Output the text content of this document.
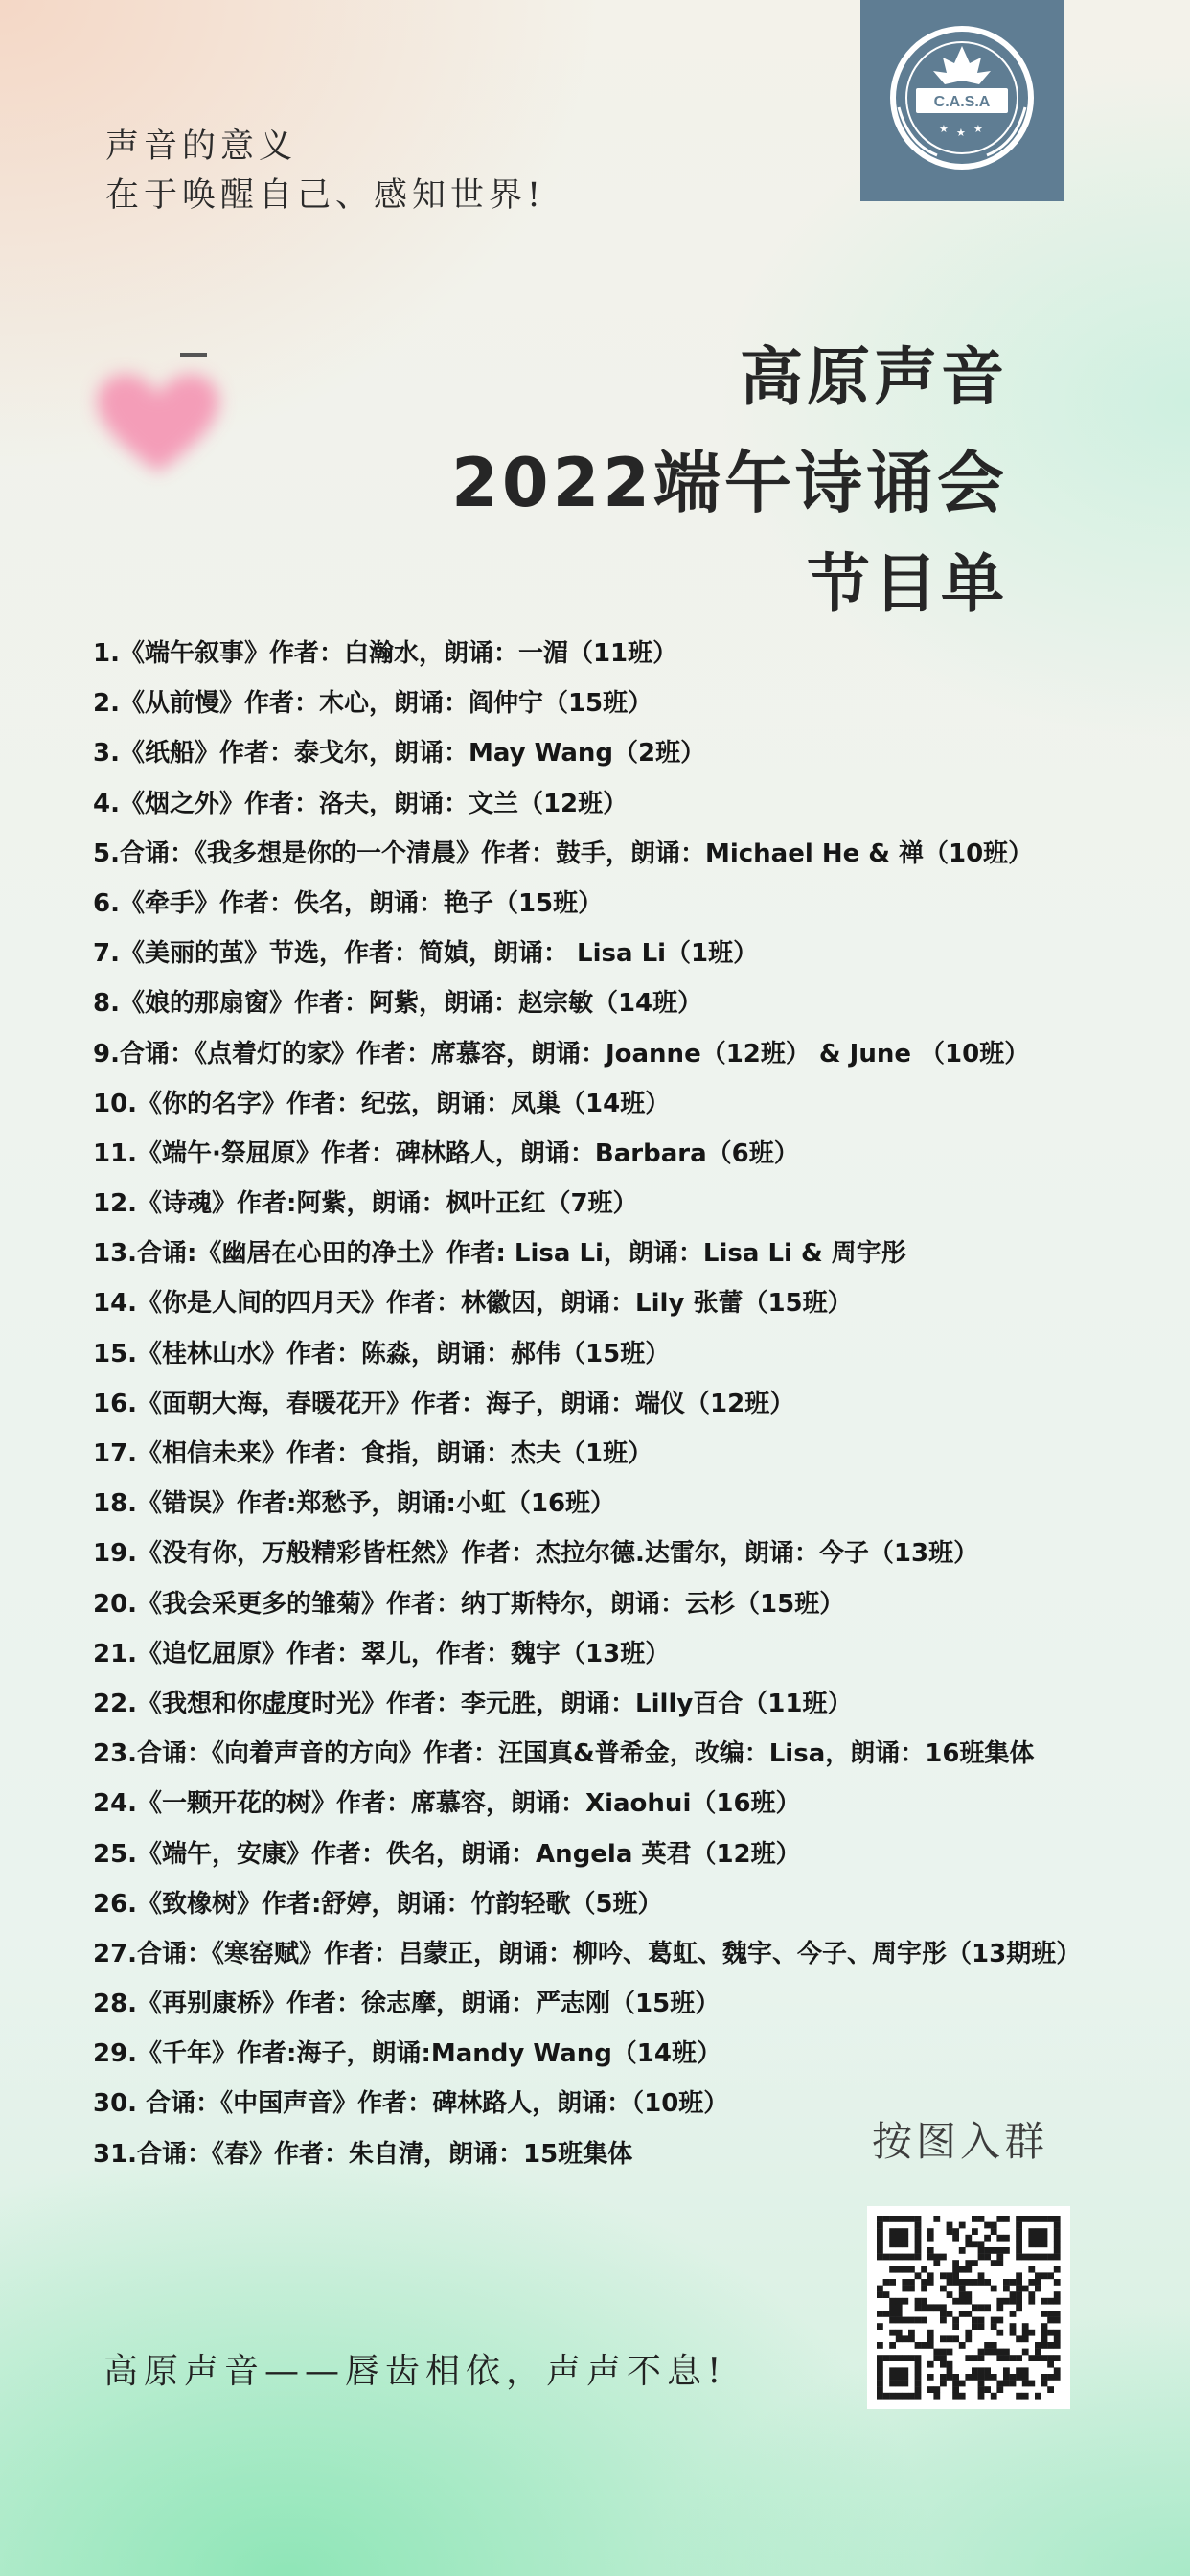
声音的意义
在于唤醒自己、感知世界!
C.A.S.A
★ ★ ★
高原声音
2022端午诗诵会
节目单
1.《端午叙事》作者：白瀚水，朗诵：一湄（11班）
2.《从前慢》作者：木心，朗诵：阎仲宁（15班）
3.《纸船》作者：泰戈尔，朗诵：May Wang（2班）
4.《烟之外》作者：洛夫，朗诵：文兰（12班）
5.合诵：《我多想是你的一个清晨》作者：鼓手，朗诵：Michael He & 禅（10班）
6.《牵手》作者：佚名，朗诵：艳子（15班）
7.《美丽的茧》节选，作者：简媜，朗诵： Lisa Li（1班）
8.《娘的那扇窗》作者：阿紫，朗诵：赵宗敏（14班）
9.合诵：《点着灯的家》作者：席慕容，朗诵：Joanne（12班） & June （10班）
10.《你的名字》作者：纪弦，朗诵：凤巢（14班）
11.《端午·祭屈原》作者：碑林路人，朗诵：Barbara（6班）
12.《诗魂》作者:阿紫，朗诵：枫叶正红（7班）
13.合诵:《幽居在心田的净土》作者: Lisa Li，朗诵：Lisa Li & 周宇彤
14.《你是人间的四月天》作者：林徽因，朗诵：Lily 张蕾（15班）
15.《桂林山水》作者：陈淼，朗诵：郝伟（15班）
16.《面朝大海，春暖花开》作者：海子，朗诵：端仪（12班）
17.《相信未来》作者：食指，朗诵：杰夫（1班）
18.《错误》作者:郑愁予，朗诵:小虹（16班）
19.《没有你，万般精彩皆枉然》作者：杰拉尔德.达雷尔，朗诵：今子（13班）
20.《我会采更多的雏菊》作者：纳丁斯特尔，朗诵：云杉（15班）
21.《追忆屈原》作者：翠儿，作者：魏宇（13班）
22.《我想和你虚度时光》作者：李元胜，朗诵：Lilly百合（11班）
23.合诵：《向着声音的方向》作者：汪国真&普希金，改编：Lisa，朗诵：16班集体
24.《一颗开花的树》作者：席慕容，朗诵：Xiaohui（16班）
25.《端午，安康》作者：佚名，朗诵：Angela 英君（12班）
26.《致橡树》作者:舒婷，朗诵：竹韵轻歌（5班）
27.合诵：《寒窑赋》作者：吕蒙正，朗诵：柳吟、葛虹、魏宇、今子、周宇彤（13期班）
28.《再别康桥》作者：徐志摩，朗诵：严志刚（15班）
29.《千年》作者:海子，朗诵:Mandy Wang（14班）
30. 合诵：《中国声音》作者：碑林路人，朗诵：（10班）
31.合诵：《春》作者：朱自清，朗诵：15班集体	按图入群
高原声音——唇齿相依，声声不息!
